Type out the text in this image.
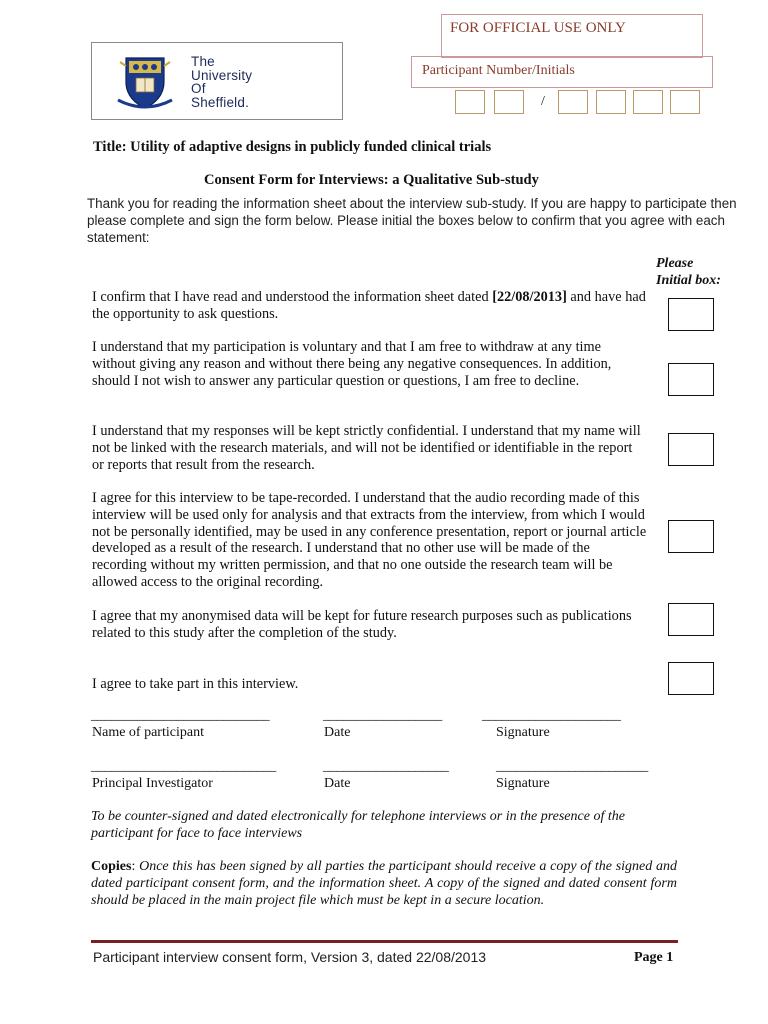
The
University
Of
Sheffield.
FOR OFFICIAL USE ONLY
Participant Number/Initials
/
Title: Utility of adaptive designs in publicly funded clinical trials
Consent Form for Interviews: a Qualitative Sub-study
Thank you for reading the information sheet about the interview sub-study. If you are happy to participate then please complete and sign the form below. Please initial the boxes below to confirm that you agree with each statement:
Please
Initial box:
I confirm that I have read and understood the information sheet dated [22/08/2013] and have had the opportunity to ask questions.
I understand that my participation is voluntary and that I am free to withdraw at any time without giving any reason and without there being any negative consequences. In addition, should I not wish to answer any particular question or questions, I am free to decline.
I understand that my responses will be kept strictly confidential. I understand that my name will not be linked with the research materials, and will not be identified or identifiable in the report or reports that result from the research.
I agree for this interview to be tape-recorded. I understand that the audio recording made of this interview will be used only for analysis and that extracts from the interview, from which I would not be personally identified, may be used in any conference presentation, report or journal article developed as a result of the research. I understand that no other use will be made of the recording without my written permission, and that no one outside the research team will be allowed access to the original recording.
I agree that my anonymised data will be kept for future research purposes such as publications related to this study after the completion of the study.
I agree to take part in this interview.
___________________________	__________________	_____________________
Name of participant	Date	Signature
____________________________	___________________	_______________________
Principal Investigator	Date	Signature
To be counter-signed and dated electronically for telephone interviews or in the presence of the participant for face to face interviews
Copies: Once this has been signed by all parties the participant should receive a copy of the signed and dated participant consent form, and the information sheet. A copy of the signed and dated consent form should be placed in the main project file which must be kept in a secure location.
Participant interview consent form, Version 3, dated 22/08/2013	Page 1
